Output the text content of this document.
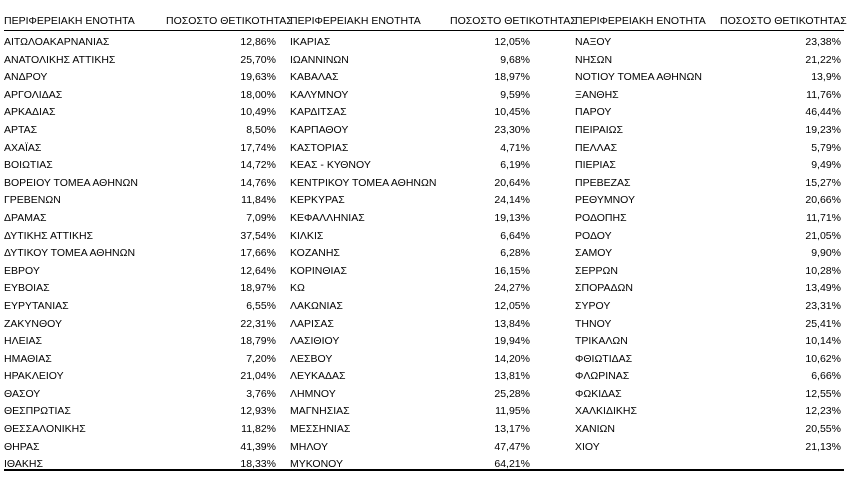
ΠΕΡΙΦΕΡΕΙΑΚΗ ΕΝΟΤΗΤΑ	ΠΟΣΟΣΤΟ ΘΕΤΙΚΟΤΗΤΑΣ
ΠΕΡΙΦΕΡΕΙΑΚΗ ΕΝΟΤΗΤΑ	ΠΟΣΟΣΤΟ ΘΕΤΙΚΟΤΗΤΑΣ
ΠΕΡΙΦΕΡΕΙΑΚΗ ΕΝΟΤΗΤΑ ΠΟΣΟΣΤΟ ΘΕΤΙΚΟΤΗΤΑΣ
ΑΙΤΩΛΟΑΚΑΡΝΑΝΙΑΣ	12,86%
ΑΝΑΤΟΛΙΚΗΣ ΑΤΤΙΚΗΣ	25,70%
ΑΝΔΡΟΥ	19,63%
ΑΡΓΟΛΙΔΑΣ	18,00%
ΑΡΚΑΔΙΑΣ	10,49%
ΑΡΤΑΣ	8,50%
ΑΧΑΪΑΣ	17,74%
ΒΟΙΩΤΙΑΣ	14,72%
ΒΟΡΕΙΟΥ ΤΟΜΕΑ ΑΘΗΝΩΝ	14,76%
ΓΡΕΒΕΝΩΝ	11,84%
ΔΡΑΜΑΣ	7,09%
ΔΥΤΙΚΗΣ ΑΤΤΙΚΗΣ	37,54%
ΔΥΤΙΚΟΥ ΤΟΜΕΑ ΑΘΗΝΩΝ	17,66%
ΕΒΡΟΥ	12,64%
ΕΥΒΟΙΑΣ	18,97%
ΕΥΡΥΤΑΝΙΑΣ	6,55%
ΖΑΚΥΝΘΟΥ	22,31%
ΗΛΕΙΑΣ	18,79%
ΗΜΑΘΙΑΣ	7,20%
ΗΡΑΚΛΕΙΟΥ	21,04%
ΘΑΣΟΥ	3,76%
ΘΕΣΠΡΩΤΙΑΣ	12,93%
ΘΕΣΣΑΛΟΝΙΚΗΣ	11,82%
ΘΗΡΑΣ	41,39%
ΙΘΑΚΗΣ	18,33%
ΙΚΑΡΙΑΣ	12,05%
ΙΩΑΝΝΙΝΩΝ	9,68%
ΚΑΒΑΛΑΣ	18,97%
ΚΑΛΥΜΝΟΥ	9,59%
ΚΑΡΔΙΤΣΑΣ	10,45%
ΚΑΡΠΑΘΟΥ	23,30%
ΚΑΣΤΟΡΙΑΣ	4,71%
ΚΕΑΣ - ΚΥΘΝΟΥ	6,19%
ΚΕΝΤΡΙΚΟΥ ΤΟΜΕΑ ΑΘΗΝΩΝ	20,64%
ΚΕΡΚΥΡΑΣ	24,14%
ΚΕΦΑΛΛΗΝΙΑΣ	19,13%
ΚΙΛΚΙΣ	6,64%
ΚΟΖΑΝΗΣ	6,28%
ΚΟΡΙΝΘΙΑΣ	16,15%
ΚΩ	24,27%
ΛΑΚΩΝΙΑΣ	12,05%
ΛΑΡΙΣΑΣ	13,84%
ΛΑΣΙΘΙΟΥ	19,94%
ΛΕΣΒΟΥ	14,20%
ΛΕΥΚΑΔΑΣ	13,81%
ΛΗΜΝΟΥ	25,28%
ΜΑΓΝΗΣΙΑΣ	11,95%
ΜΕΣΣΗΝΙΑΣ	13,17%
ΜΗΛΟΥ	47,47%
ΜΥΚΟΝΟΥ	64,21%
ΝΑΞΟΥ	23,38%
ΝΗΣΩΝ	21,22%
ΝΟΤΙΟΥ ΤΟΜΕΑ ΑΘΗΝΩΝ	13,9%
ΞΑΝΘΗΣ	11,76%
ΠΑΡΟΥ	46,44%
ΠΕΙΡΑΙΩΣ	19,23%
ΠΕΛΛΑΣ	5,79%
ΠΙΕΡΙΑΣ	9,49%
ΠΡΕΒΕΖΑΣ	15,27%
ΡΕΘΥΜΝΟΥ	20,66%
ΡΟΔΟΠΗΣ	11,71%
ΡΟΔΟΥ	21,05%
ΣΑΜΟΥ	9,90%
ΣΕΡΡΩΝ	10,28%
ΣΠΟΡΑΔΩΝ	13,49%
ΣΥΡΟΥ	23,31%
ΤΗΝΟΥ	25,41%
ΤΡΙΚΑΛΩΝ	10,14%
ΦΘΙΩΤΙΔΑΣ	10,62%
ΦΛΩΡΙΝΑΣ	6,66%
ΦΩΚΙΔΑΣ	12,55%
ΧΑΛΚΙΔΙΚΗΣ	12,23%
ΧΑΝΙΩΝ	20,55%
ΧΙΟΥ	21,13%
